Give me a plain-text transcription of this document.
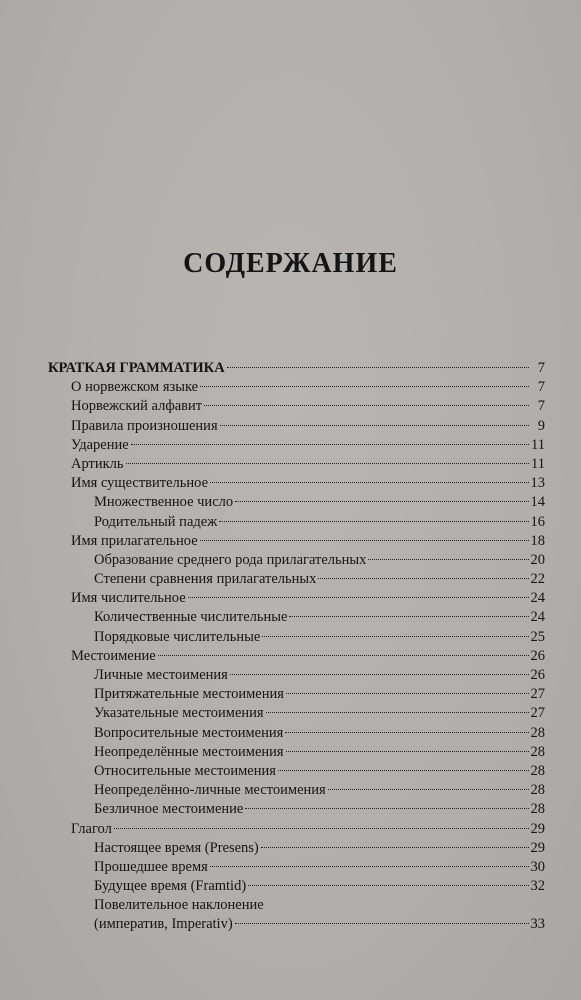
СОДЕРЖАНИЕ
КРАТКАЯ ГРАММАТИКА	7
О норвежском языке	7
Норвежский алфавит	7
Правила произношения	9
Ударение	11
Артикль	11
Имя существительное	13
Множественное число	14
Родительный падеж	16
Имя прилагательное	18
Образование среднего рода прилагательных	20
Степени сравнения прилагательных	22
Имя числительное	24
Количественные числительные	24
Порядковые числительные	25
Местоимение	26
Личные местоимения	26
Притяжательные местоимения	27
Указательные местоимения	27
Вопросительные местоимения	28
Неопределённые местоимения	28
Относительные местоимения	28
Неопределённо-личные местоимения	28
Безличное местоимение	28
Глагол	29
Настоящее время (Presens)	29
Прошедшее время	30
Будущее время (Framtid)	32
Повелительное наклонение
(императив, Imperativ)	33
